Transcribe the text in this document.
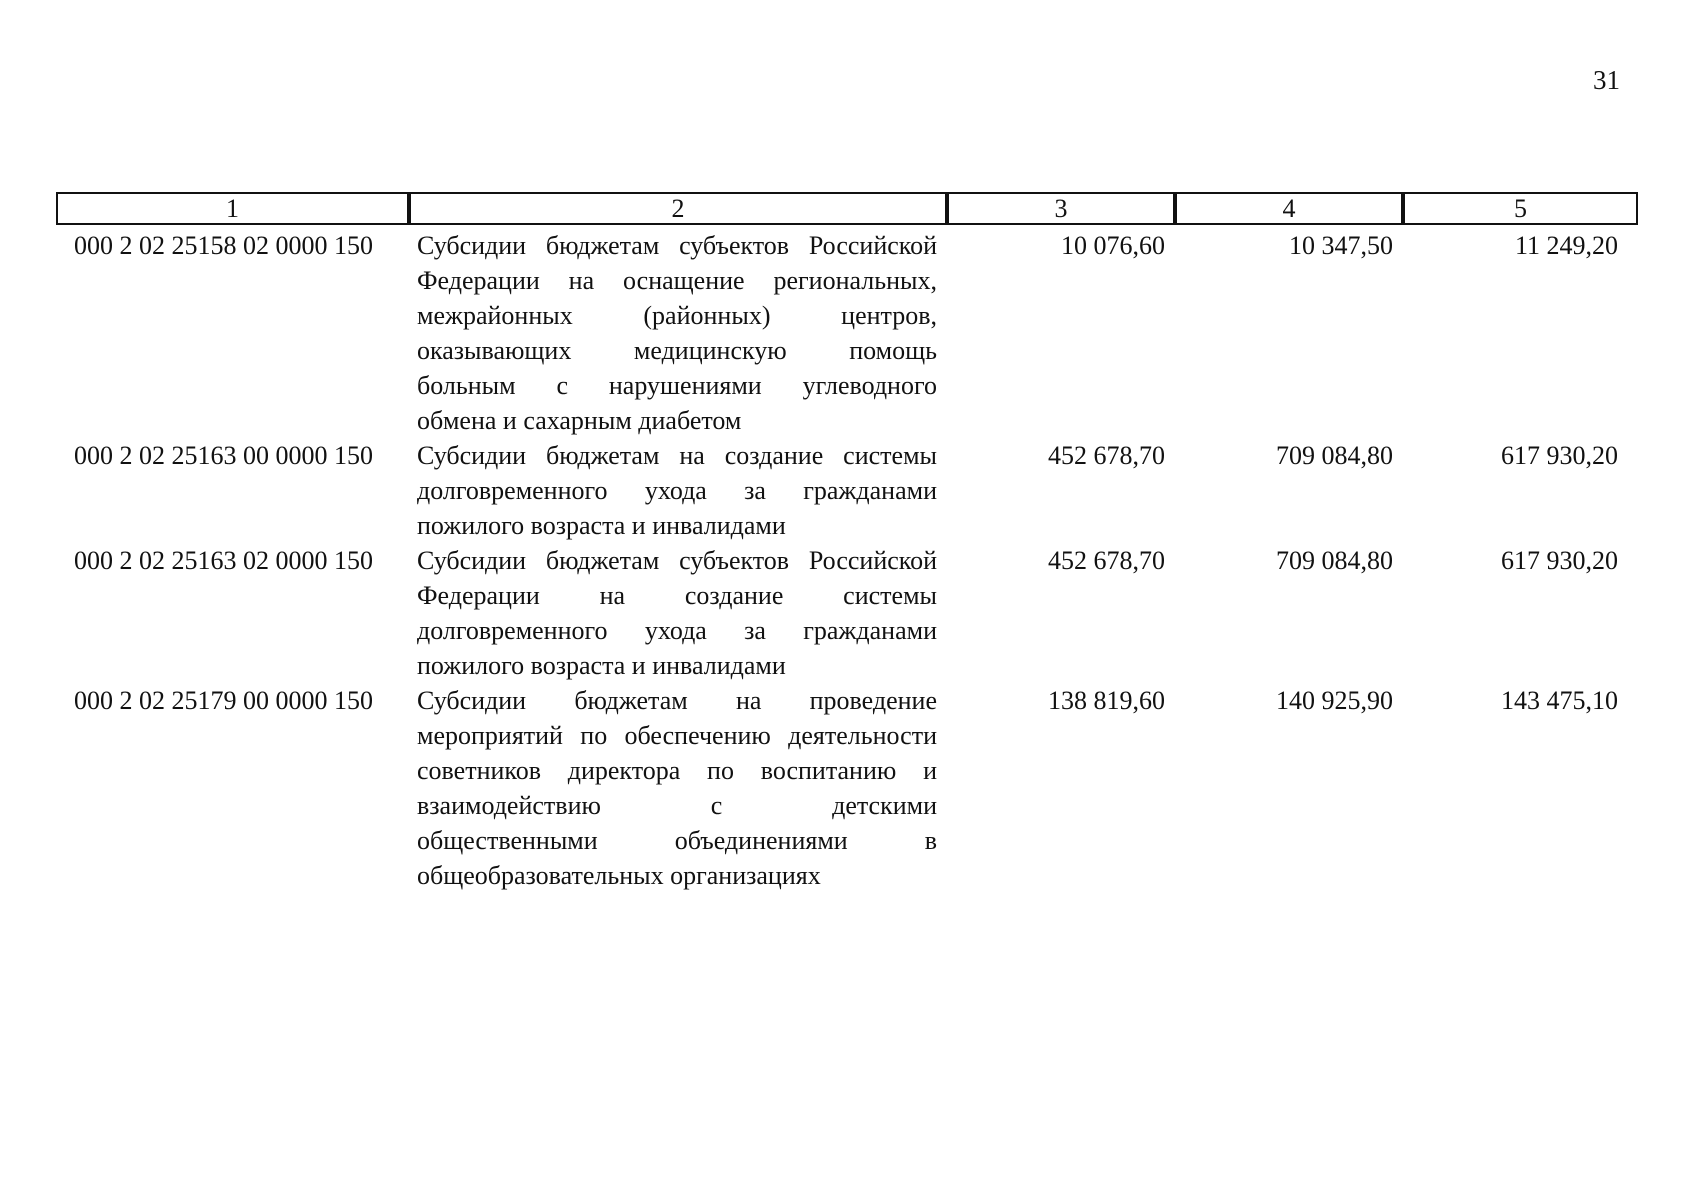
31
1	2	3	4	5
000 2 02 25158 02 0000 150	Субсидии бюджетам субъектов Российской
Федерации на оснащение региональных,
межрайонных (районных) центров,
оказывающих медицинскую помощь
больным с нарушениями углеводного
обмена и сахарным диабетом
10 076,60	10 347,50	11 249,20
000 2 02 25163 00 0000 150	Субсидии бюджетам на создание системы
долговременного ухода за гражданами
пожилого возраста и инвалидами
452 678,70	709 084,80	617 930,20
000 2 02 25163 02 0000 150	Субсидии бюджетам субъектов Российской
Федерации на создание системы
долговременного ухода за гражданами
пожилого возраста и инвалидами
452 678,70	709 084,80	617 930,20
000 2 02 25179 00 0000 150	Субсидии бюджетам на проведение
мероприятий по обеспечению деятельности
советников директора по воспитанию и
взаимодействию с детскими
общественными объединениями в
общеобразовательных организациях
138 819,60	140 925,90	143 475,10
